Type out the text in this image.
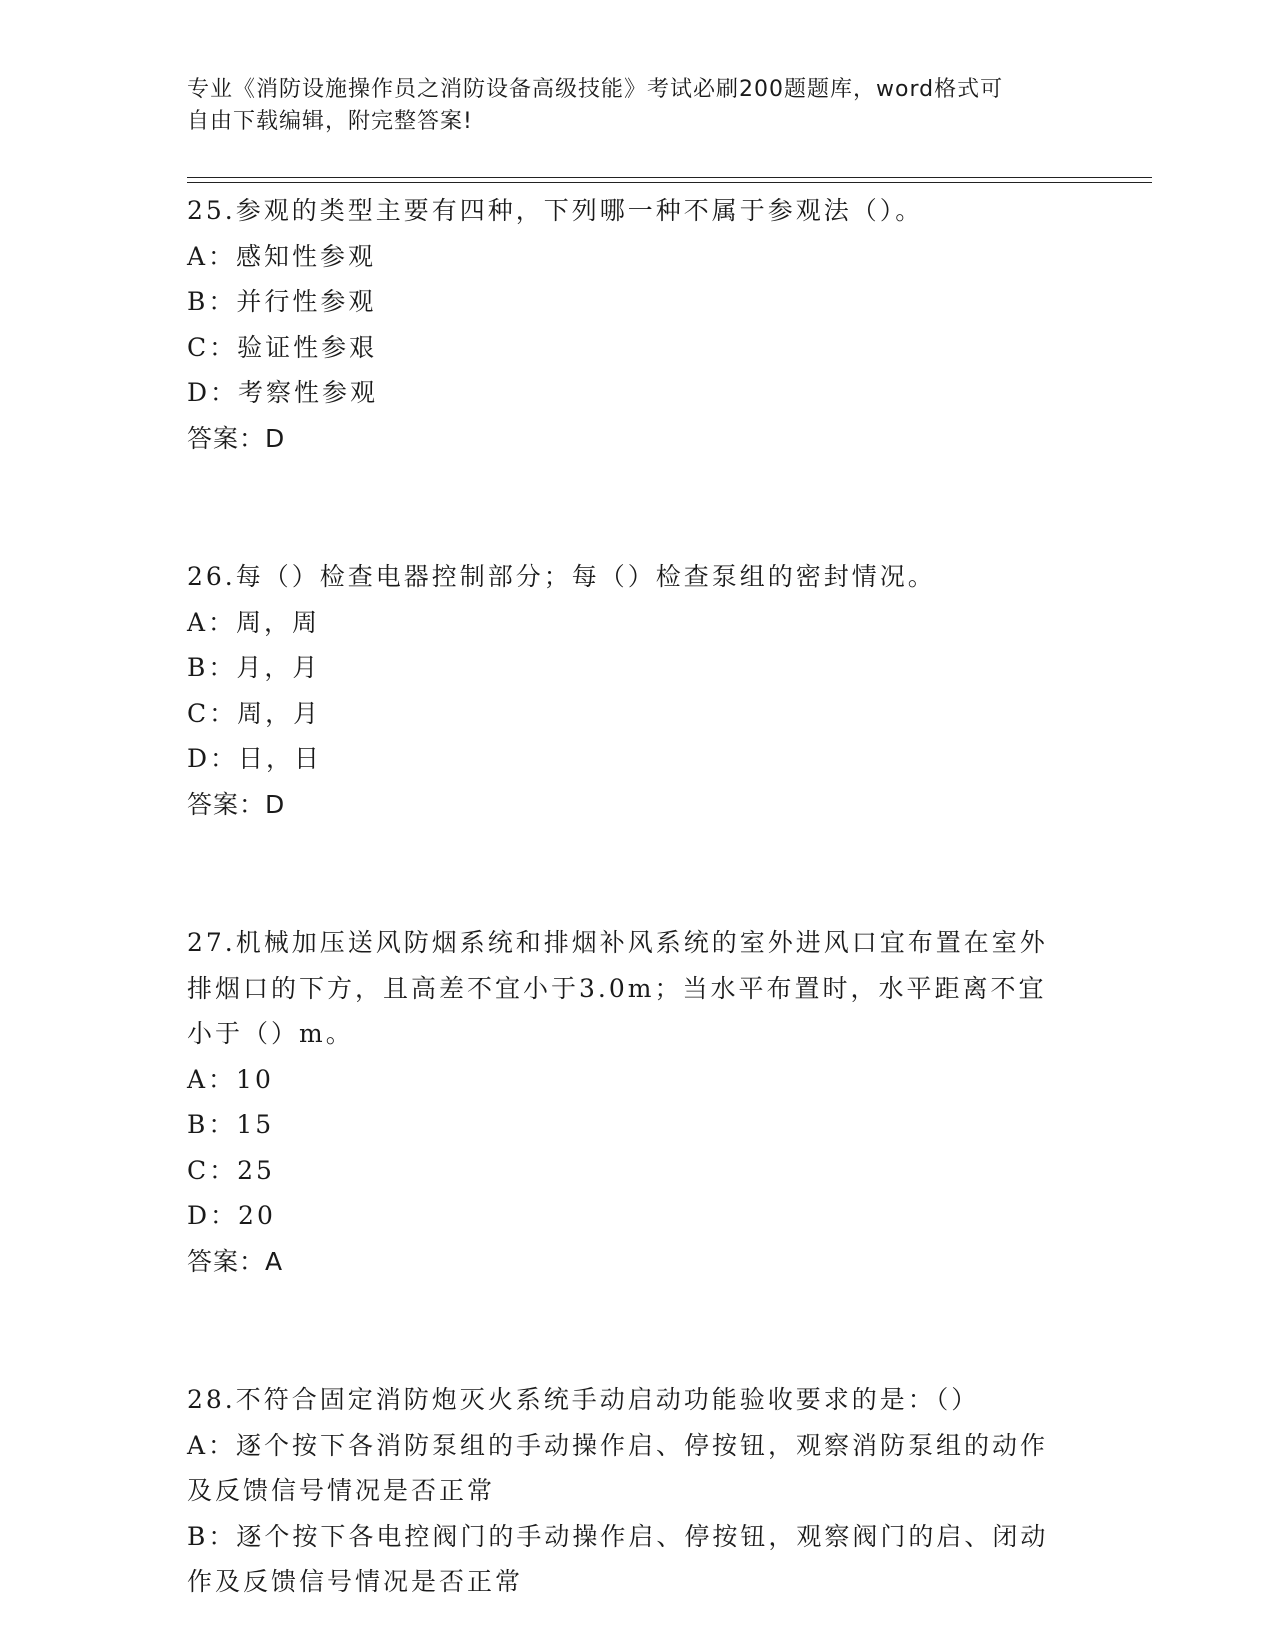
专业《消防设施操作员之消防设备高级技能》考试必刷200题题库，word格式可
自由下载编辑，附完整答案!

25.参观的类型主要有四种，下列哪一种不属于参观法（）。

A：感知性参观

B：并行性参观

C：验证性参艰

D：考察性参观

答案：D

26.每（）检查电器控制部分；每（）检查泵组的密封情况。

A：周，周

B：月，月

C：周，月

D：日，日

答案：D

27.机械加压送风防烟系统和排烟补风系统的室外进风口宜布置在室外

排烟口的下方，且高差不宜小于3.0m；当水平布置时，水平距离不宜

小于（）m。

A：10

B：15

C：25

D：20

答案：A

28.不符合固定消防炮灭火系统手动启动功能验收要求的是：（）

A：逐个按下各消防泵组的手动操作启、停按钮，观察消防泵组的动作

及反馈信号情况是否正常

B：逐个按下各电控阀门的手动操作启、停按钮，观察阀门的启、闭动

作及反馈信号情况是否正常
